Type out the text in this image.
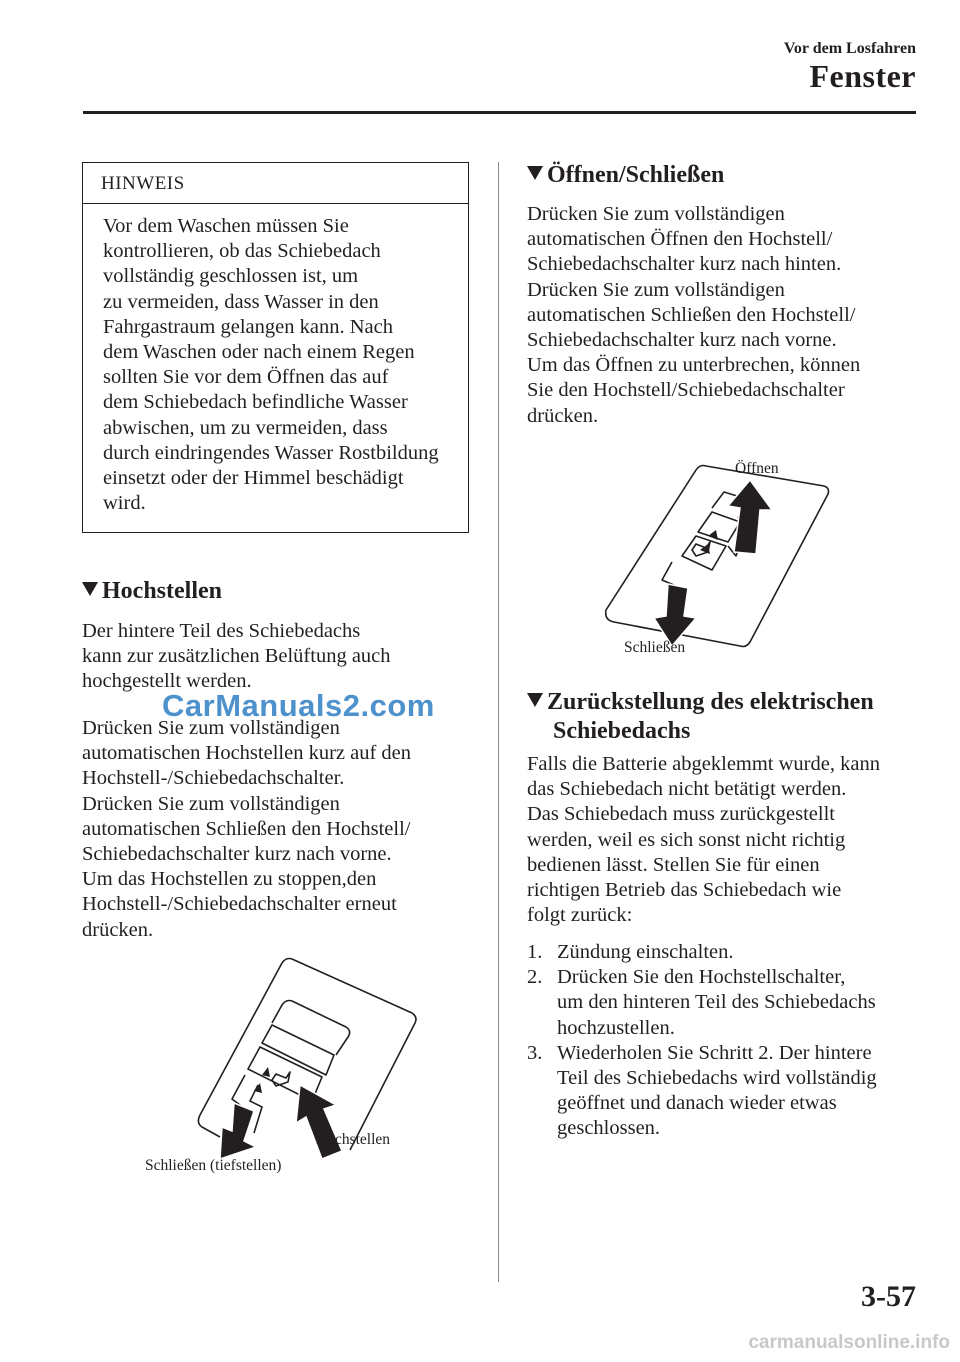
Vor dem Losfahren
Fenster
HINWEIS
Vor dem Waschen müssen Sie
kontrollieren, ob das Schiebedach
vollständig geschlossen ist, um
zu vermeiden, dass Wasser in den
Fahrgastraum gelangen kann. Nach
dem Waschen oder nach einem Regen
sollten Sie vor dem Öffnen das auf
dem Schiebedach befindliche Wasser
abwischen, um zu vermeiden, dass
durch eindringendes Wasser Rostbildung
einsetzt oder der Himmel beschädigt
wird.
Hochstellen
Der hintere Teil des Schiebedachs
kann zur zusätzlichen Belüftung auch
hochgestellt werden.
Drücken Sie zum vollständigen
automatischen Hochstellen kurz auf den
Hochstell-/Schiebedachschalter.
Drücken Sie zum vollständigen
automatischen Schließen den Hochstell/
Schiebedachschalter kurz nach vorne.
Um das Hochstellen zu stoppen,den
Hochstell-/Schiebedachschalter erneut
drücken.
Hochstellen
Schließen (tiefstellen)
Öffnen/Schließen
Drücken Sie zum vollständigen
automatischen Öffnen den Hochstell/
Schiebedachschalter kurz nach hinten.
Drücken Sie zum vollständigen
automatischen Schließen den Hochstell/
Schiebedachschalter kurz nach vorne.
Um das Öffnen zu unterbrechen, können
Sie den Hochstell/Schiebedachschalter
drücken.
Öffnen
Schließen
Zurückstellung des elektrischen
Schiebedachs
Falls die Batterie abgeklemmt wurde, kann
das Schiebedach nicht betätigt werden.
Das Schiebedach muss zurückgestellt
werden, weil es sich sonst nicht richtig
bedienen lässt. Stellen Sie für einen
richtigen Betrieb das Schiebedach wie
folgt zurück:
1. Zündung einschalten.
2. Drücken Sie den Hochstellschalter,
um den hinteren Teil des Schiebedachs
hochzustellen.
3. Wiederholen Sie Schritt 2. Der hintere
Teil des Schiebedachs wird vollständig
geöffnet und danach wieder etwas
geschlossen.
3-57
CarManuals2.com
carmanualsonline.info
